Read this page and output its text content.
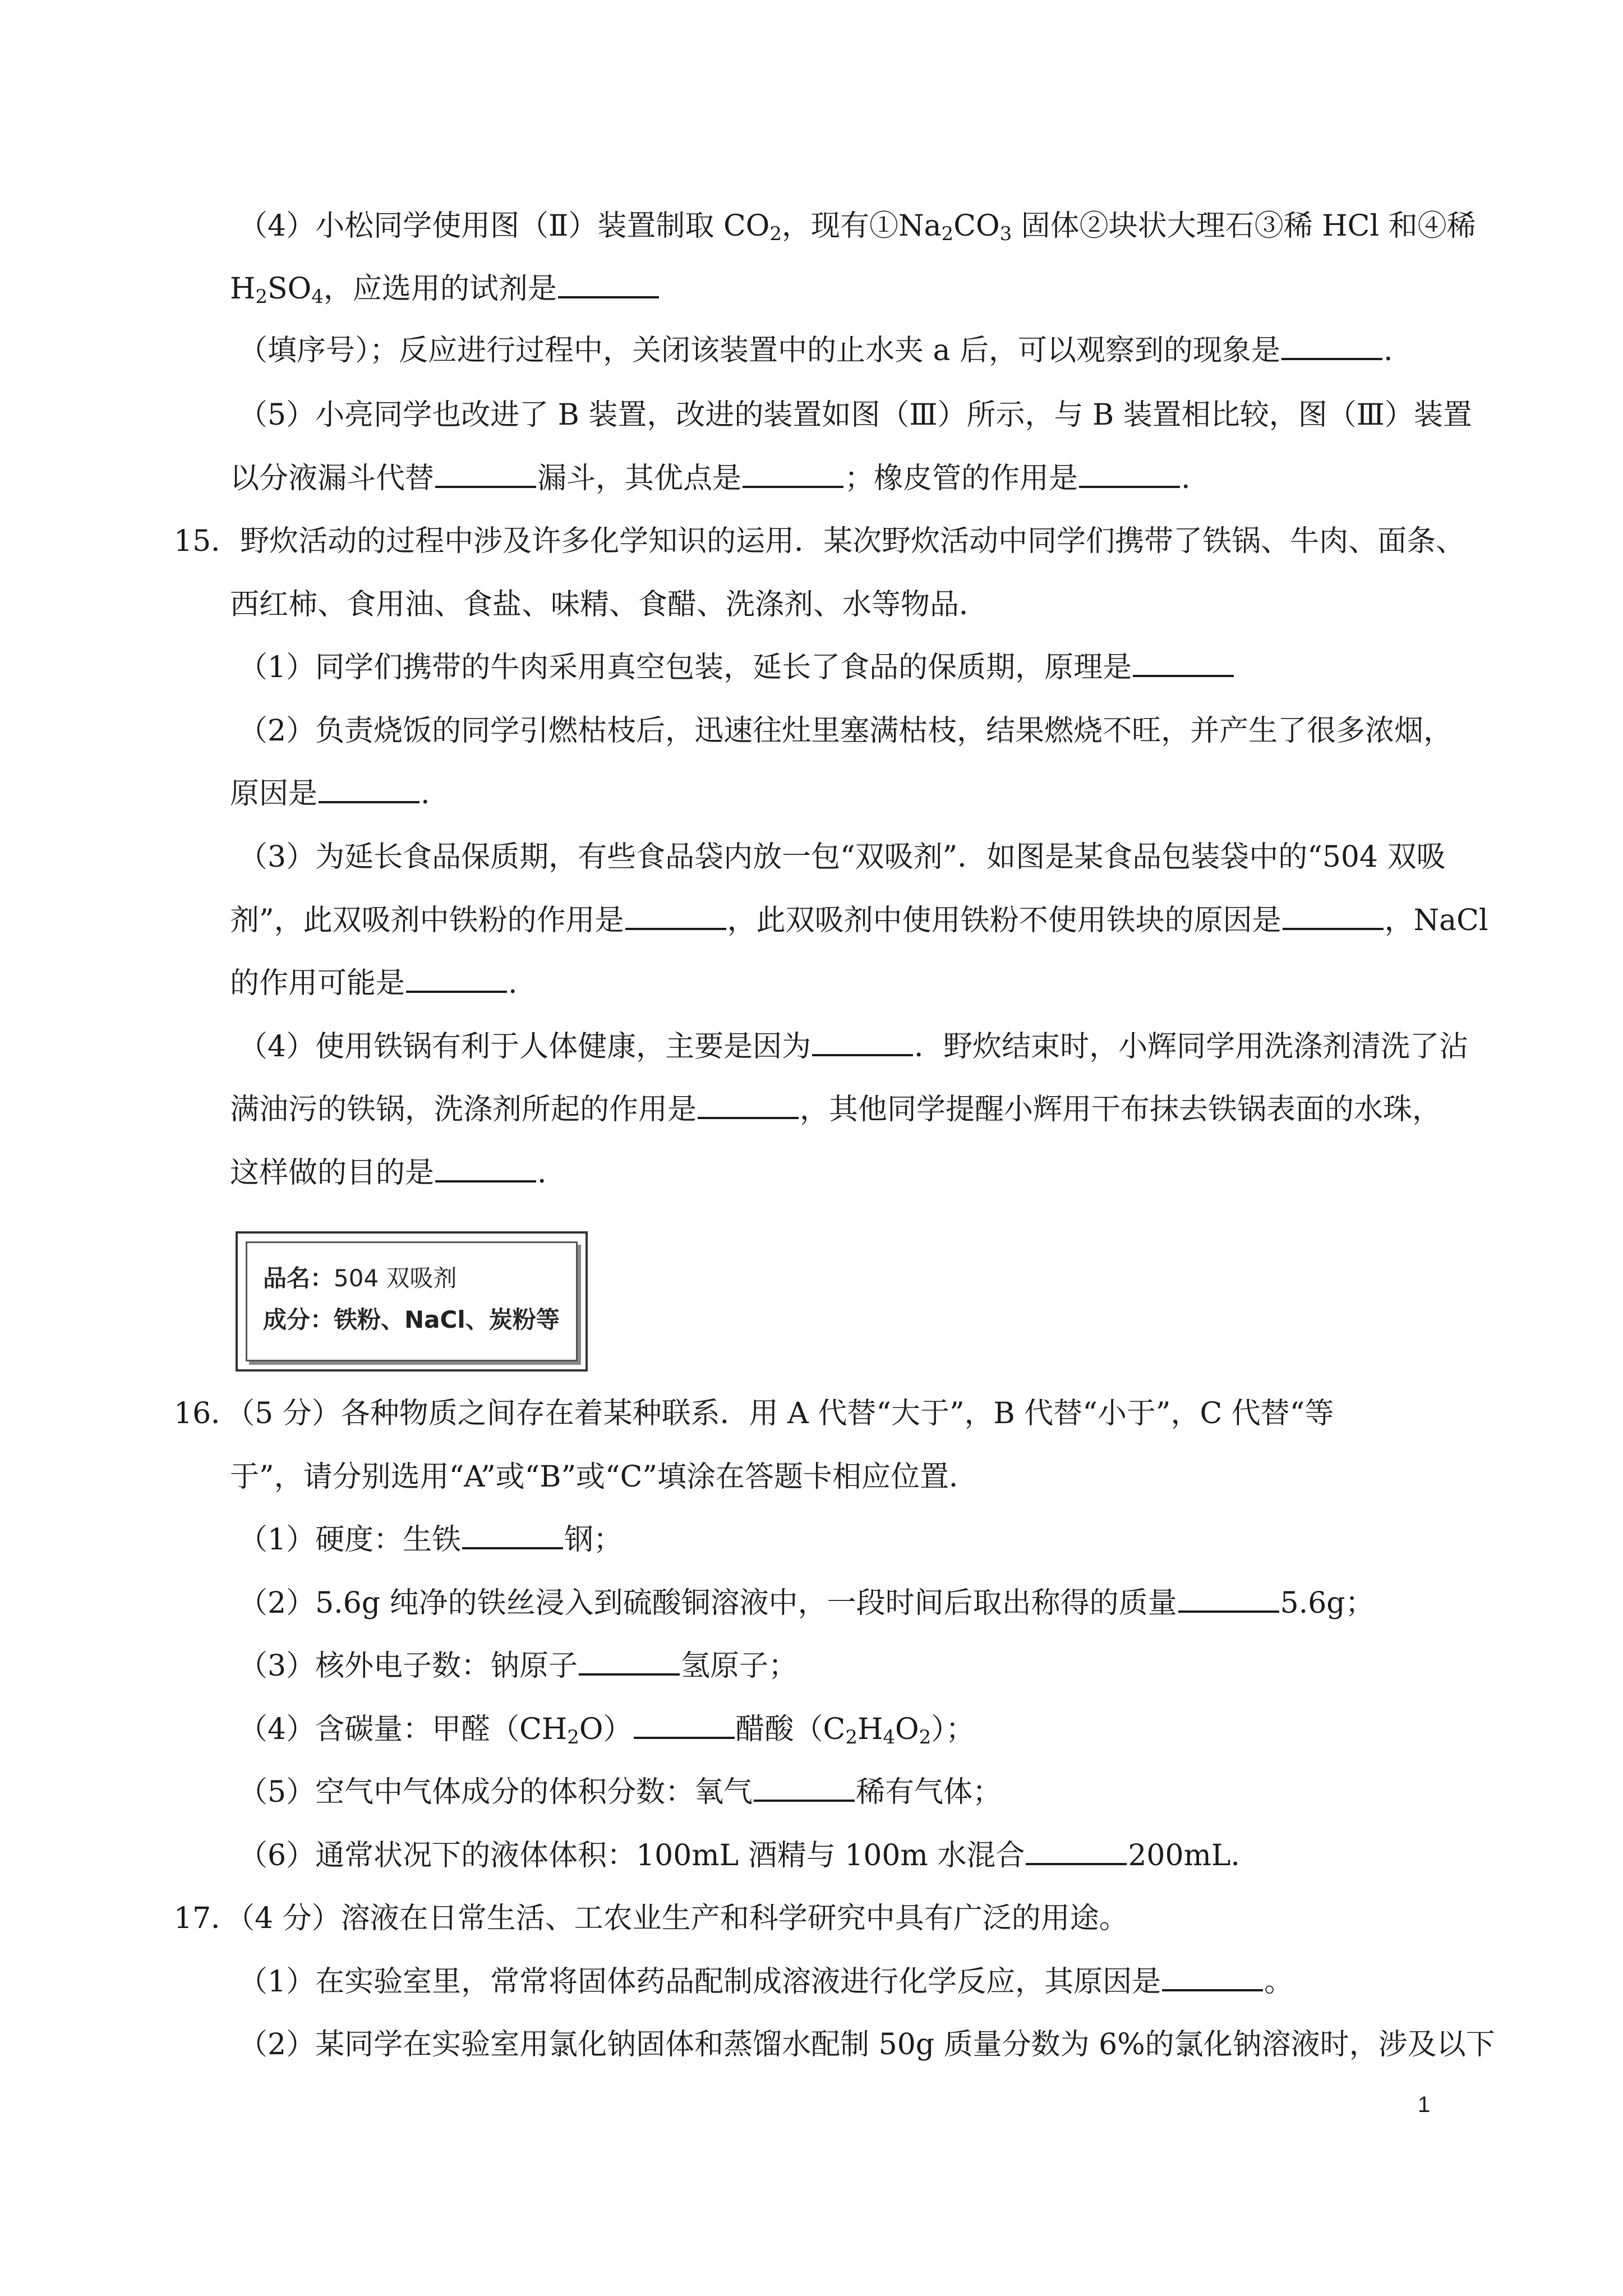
（4）小松同学使用图（Ⅱ）装置制取 $CO_2$，现有$①Na_2CO_3$ 固体②块状大理石③稀 HCl 和④稀
$H_2SO_4$，应选用的试剂是
（填序号）；反应进行过程中，关闭该装置中的止水夹 a 后，可以观察到的现象是	.
（5）小亮同学也改进了 B 装置，改进的装置如图（Ⅲ）所示，与 B 装置相比较，图（Ⅲ）装置
以分液漏斗代替	漏斗，其优点是	；橡皮管的作用是	.
15．野炊活动的过程中涉及许多化学知识的运用．某次野炊活动中同学们携带了铁锅、牛肉、面条、
西红柿、食用油、食盐、味精、食醋、洗涤剂、水等物品．
（1）同学们携带的牛肉采用真空包装，延长了食品的保质期，原理是
（2）负责烧饭的同学引燃枯枝后，迅速往灶里塞满枯枝，结果燃烧不旺，并产生了很多浓烟，
原因是	.
（3）为延长食品保质期，有些食品袋内放一包“双吸剂”．如图是某食品包装袋中的“504 双吸
剂”，此双吸剂中铁粉的作用是	，此双吸剂中使用铁粉不使用铁块的原因是	，NaCl
的作用可能是	.
（4）使用铁锅有利于人体健康，主要是因为	．野炊结束时，小辉同学用洗涤剂清洗了沾
满油污的铁锅，洗涤剂所起的作用是	，其他同学提醒小辉用干布抹去铁锅表面的水珠，
这样做的目的是	.
品名：504 双吸剂
成分：铁粉、NaCl、炭粉等
16．（5 分）各种物质之间存在着某种联系．用 A 代替“大于”，B 代替“小于”，C 代替“等
于”，请分别选用“A”或“B”或“C”填涂在答题卡相应位置．
（1）硬度：生铁	钢；
（2）5.6g 纯净的铁丝浸入到硫酸铜溶液中，一段时间后取出称得的质量	5.6g；
（3）核外电子数：钠原子	氢原子；
（4）含碳量：甲醛$(CH_2O)$	醋酸$(C_2H_4O_2)$；
（5）空气中气体成分的体积分数：氧气	稀有气体；
（6）通常状况下的液体体积：100mL 酒精与 100m 水混合	200mL.
17．（4 分）溶液在日常生活、工农业生产和科学研究中具有广泛的用途。
（1）在实验室里，常常将固体药品配制成溶液进行化学反应，其原因是	。
（2）某同学在实验室用氯化钠固体和蒸馏水配制 50g 质量分数为 6%的氯化钠溶液时，涉及以下
1
